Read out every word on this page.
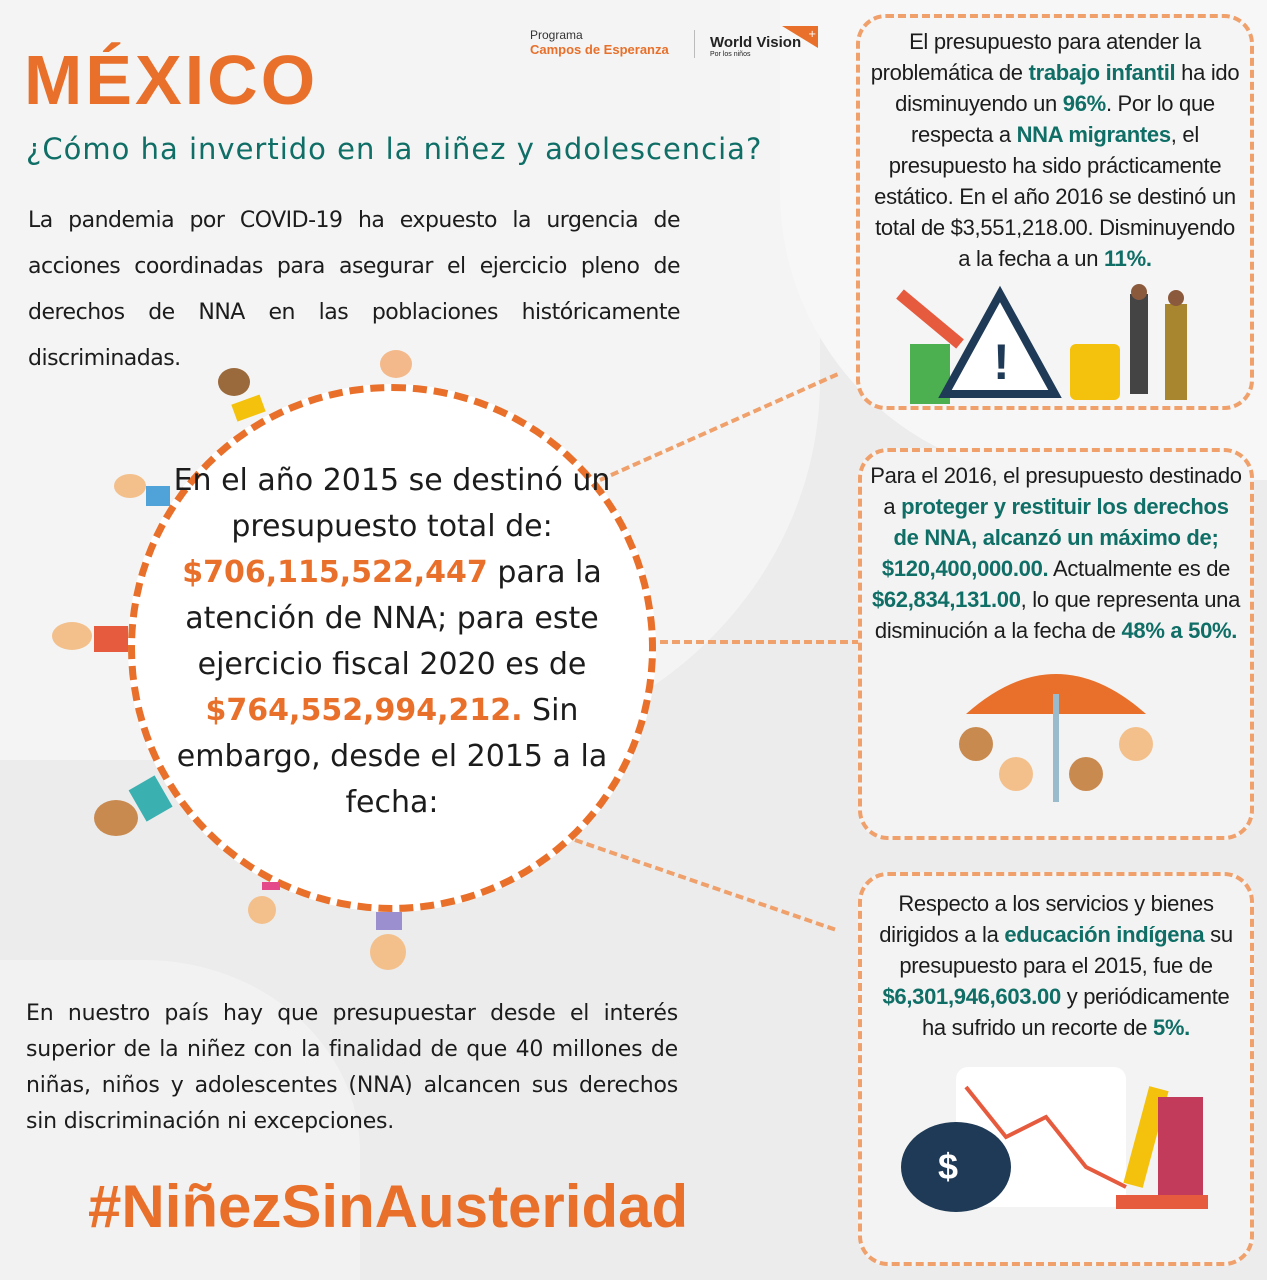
MÉXICO
¿Cómo ha invertido en la niñez y adolescencia?
Programa
Campos de Esperanza	World Vision
Por los niños
+

La pandemia por COVID-19 ha expuesto la urgencia de acciones coordinadas para asegurar el ejercicio pleno de derechos de NNA en las poblaciones históricamente discriminadas.

En el año 2015 se destinó un presupuesto total de: $706,115,522,447 para la atención de NNA; para este ejercicio fiscal 2020 es de $764,552,994,212. Sin embargo, desde el 2015 a la fecha:

El presupuesto para atender la problemática de trabajo infantil ha ido disminuyendo un 96%. Por lo que respecta a NNA migrantes, el presupuesto ha sido prácticamente estático. En el año 2016 se destinó un total de $3,551,218.00. Disminuyendo a la fecha a un 11%.

!

Para el 2016, el presupuesto destinado a proteger y restituir los derechos de NNA, alcanzó un máximo de; $120,400,000.00. Actualmente es de $62,834,131.00, lo que representa una disminución a la fecha de 48% a 50%.

Respecto a los servicios y bienes dirigidos a la educación indígena su presupuesto para el 2015, fue de $6,301,946,603.00 y periódicamente ha sufrido un recorte de 5%.

$

En nuestro país hay que presupuestar desde el interés superior de la niñez con la finalidad de que 40 millones de niñas, niños y adolescentes (NNA) alcancen sus derechos sin discriminación ni excepciones.

#NiñezSinAusteridad
